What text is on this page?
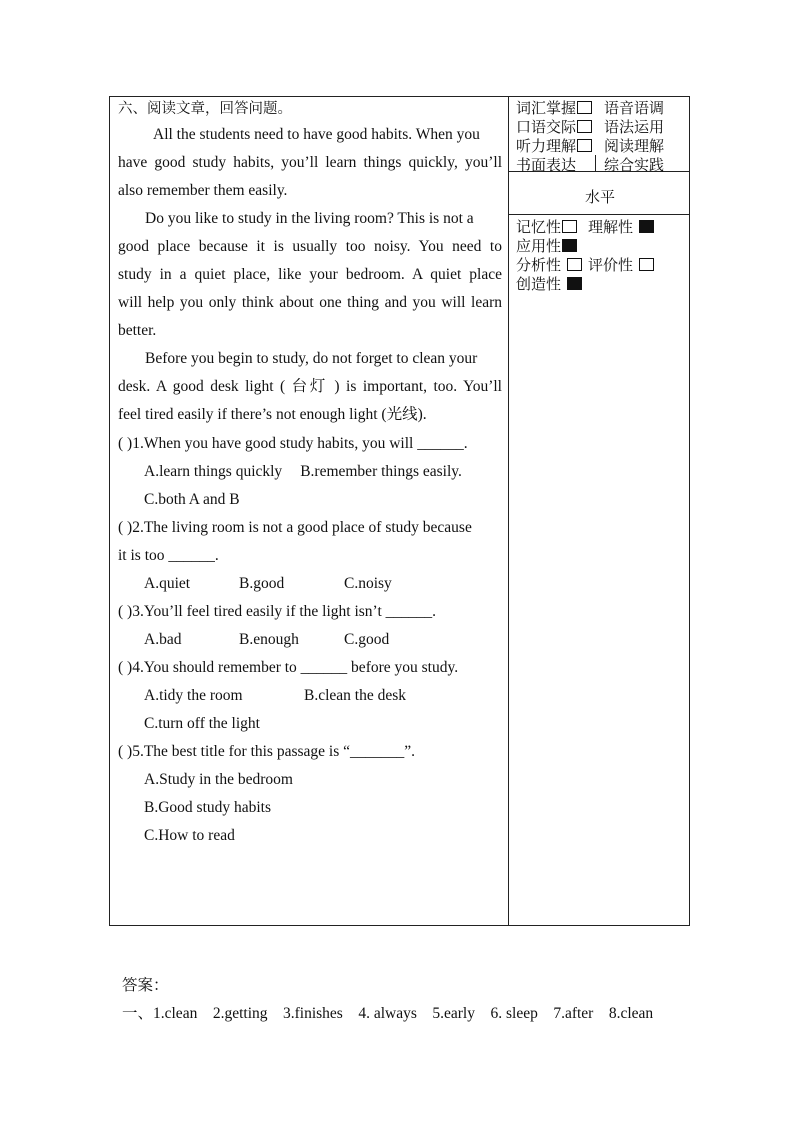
六、阅读文章，回答问题。
All the students need to have good habits. When you
have good study habits, you’ll learn things quickly, you’ll
also remember them easily.
Do you like to study in the living room? This is not a
good place because it is usually too noisy. You need to
study in a quiet place, like your bedroom. A quiet place
will help you only think about one thing and you will learn
better.
Before you begin to study, do not forget to clean your
desk. A good desk light ( 台灯 ) is important, too. You’ll
feel tired easily if there’s not enough light (光线).
( )1.When you have good study habits, you will ______.
A.learn things quickly B.remember things easily.
C.both A and B
( )2.The living room is not a good place of study because
it is too ______.
A.quiet	B.good	C.noisy
( )3.You’ll feel tired easily if the light isn’t ______.
A.bad	B.enough	C.good
( )4.You should remember to ______ before you study.
A.tidy the room	B.clean the desk
C.turn off the light
( )5.The best title for this passage is “_______”.
A.Study in the bedroom
B.Good study habits
C.How to read
词汇掌握	语音语调
口语交际	语法运用
听力理解	阅读理解
书面表达 综合实践
水平
记忆性	理解性
应用性
分析性	评价性
创造性
答案：
一、1.clean    2.getting    3.finishes    4. always    5.early    6. sleep    7.after    8.clean
